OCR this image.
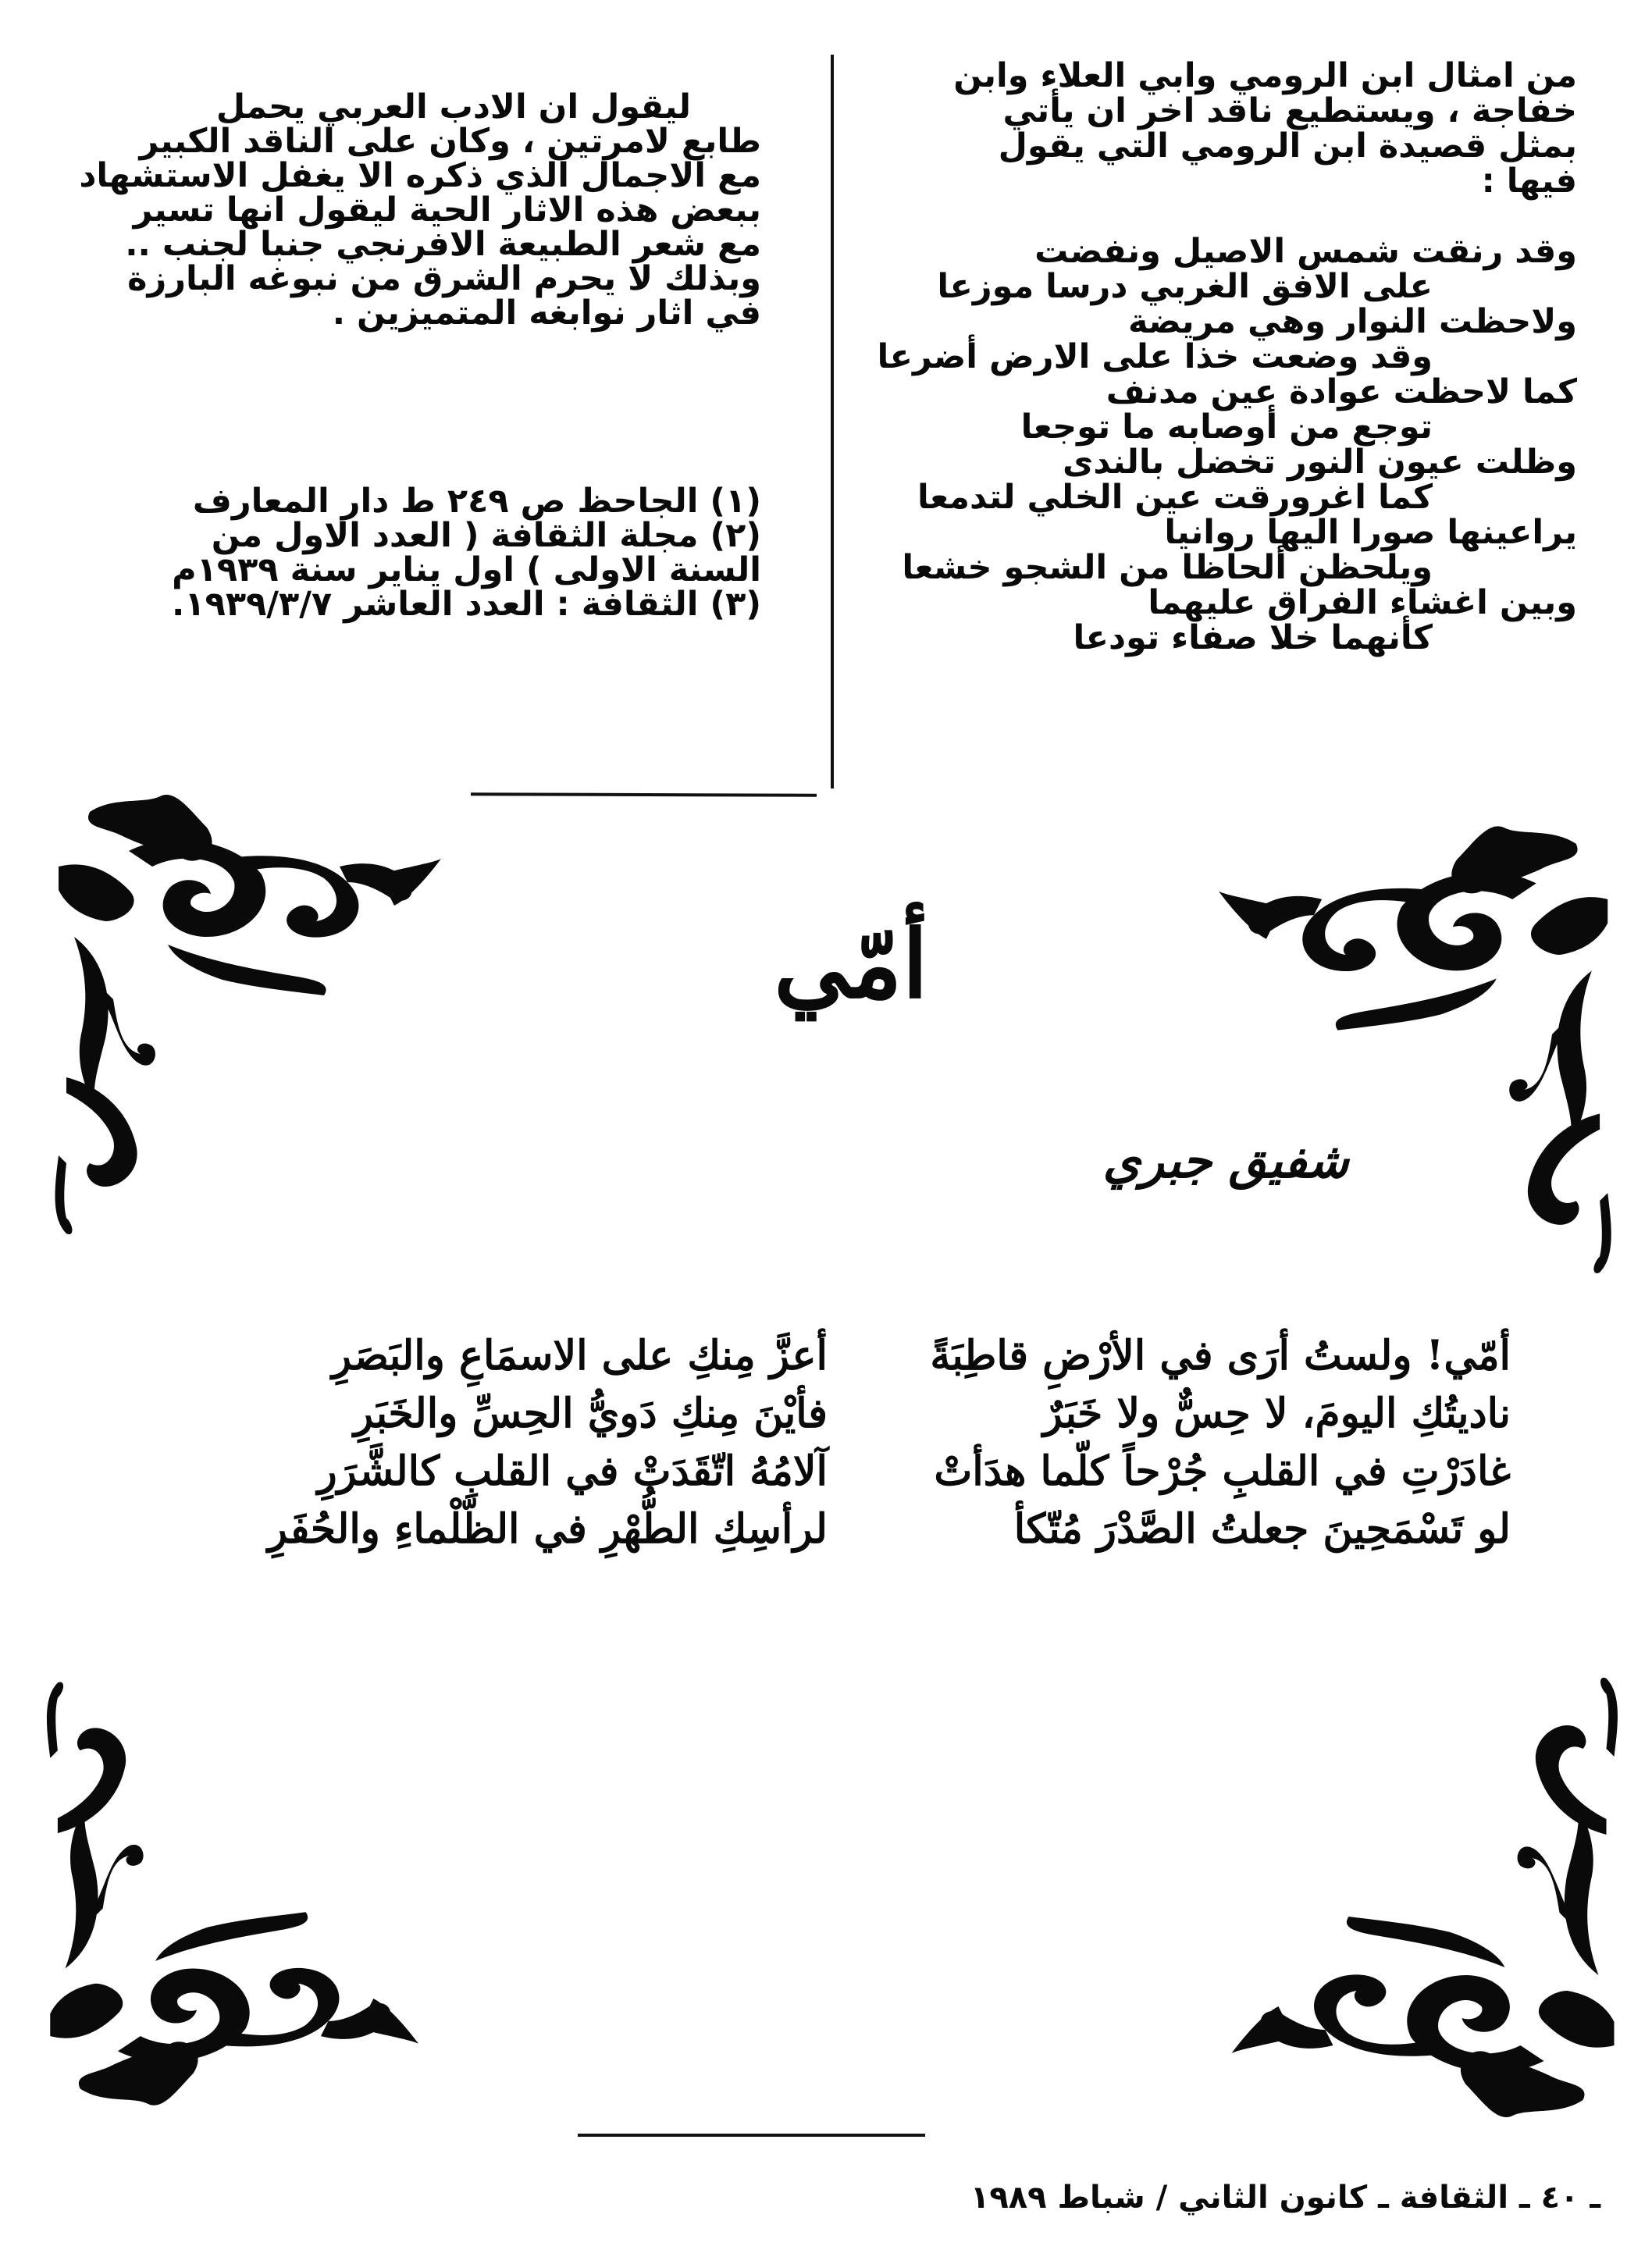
من امثال ابن الرومي وابي العلاء وابن
خفاجة ، ويستطيع ناقد اخر ان يأتي
بمثل قصيدة ابن الرومي التي يقول
فيها :
وقد رنقت شمس الاصيل ونفضت
على الافق الغربي درسا موزعا
ولاحظت النوار وهي مريضة
وقد وضعت خذا على الارض أضرعا
كما لاحظت عوادة عين مدنف
توجع من أوصابه ما توجعا
وظلت عيون النور تخضل بالندى
كما اغرورقت عين الخلي لتدمعا
يراعينها صورا اليها روانيا
ويلحظن ألحاظا من الشجو خشعا
وبين اغشاء الفراق عليهما
كأنهما خلا صفاء تودعا
ليقول ان الادب العربي يحمل
طابع لامرتين ، وكان على الناقد الكبير
مع الاجمال الذي ذكره الا يغفل الاستشهاد
ببعض هذه الاثار الحية ليقول انها تسير
مع شعر الطبيعة الافرنجي جنبا لجنب ..
وبذلك لا يحرم الشرق من نبوغه البارزة
في اثار نوابغه المتميزين .
(١) الجاحظ ص ٢٤٩ ط دار المعارف
(٢) مجلة الثقافة ( العدد الاول من
السنة الاولى ) اول يناير سنة ١٩٣٩م
(٣) الثقافة : العدد العاشر ١٩٣٩/٣/٧.
أمّي
شفيق جبري
أمّي! ولستُ أرَى في الأرْضِ قاطِبَةً
ناديتُكِ اليومَ، لا حِسٌّ ولا خَبَرٌ
غادَرْتِ في القلبِ جُرْحاً كلّما هدَأتْ
لو تَسْمَحِينَ جعلتُ الصَّدْرَ مُتّكأ
أعزَّ مِنكِ على الاسمَاعِ والبَصَرِ
فأيْنَ مِنكِ دَويُّ الحِسِّ والخَبَرِ
آلامُهُ اتّقَدَتْ في القلبِ كالشَّرَرِ
لرأسِكِ الطُّهْرِ في الظّلْماءِ والحُفَرِ
ـ ٤٠ ـ الثقافة ـ كانون الثاني / شباط ١٩٨٩
